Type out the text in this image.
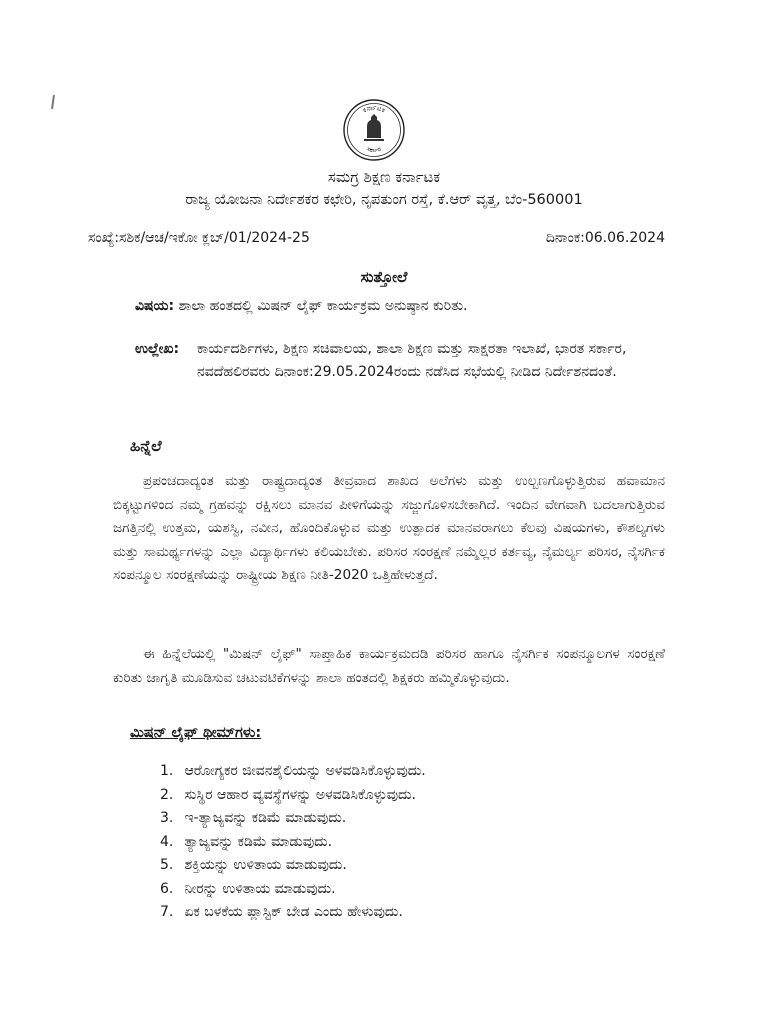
ಕರ್ನಾಟಕ
ಸರ್ಕಾರ
ಸಮಗ್ರ ಶಿಕ್ಷಣ ಕರ್ನಾಟಕ
ರಾಜ್ಯ ಯೋಜನಾ ನಿರ್ದೇಶಕರ ಕಛೇರಿ, ನೃಪತುಂಗ ರಸ್ತೆ, ಕೆ.ಆರ್ ವೃತ್ತ, ಬೆಂ-560001
ಸಂಖ್ಯೆ:ಸಶಿಕ/ಆಚ/ಇಕೋ ಕ್ಲಬ್/01/2024-25	ದಿನಾಂಕ:06.06.2024
ಸುತ್ತೋಲೆ
ವಿಷಯ: ಶಾಲಾ ಹಂತದಲ್ಲಿ ಮಿಷನ್ ಲೈಫ್ ಕಾರ್ಯಕ್ರಮ ಅನುಷ್ಠಾನ ಕುರಿತು.
ಉಲ್ಲೇಖ:	ಕಾರ್ಯದರ್ಶಿಗಳು, ಶಿಕ್ಷಣ ಸಚಿವಾಲಯ, ಶಾಲಾ ಶಿಕ್ಷಣ ಮತ್ತು ಸಾಕ್ಷರತಾ ಇಲಾಖೆ, ಭಾರತ ಸರ್ಕಾರ, ನವದೆಹಲಿರವರು ದಿನಾಂಕ:29.05.2024ರಂದು ನಡೆಸಿದ ಸಭೆಯಲ್ಲಿ ನೀಡಿದ ನಿರ್ದೇಶನದಂತೆ.
ಹಿನ್ನೆಲೆ
ಪ್ರಪಂಚದಾದ್ಯಂತ ಮತ್ತು ರಾಷ್ಟ್ರದಾದ್ಯಂತ ತೀವ್ರವಾದ ಶಾಖದ ಅಲೆಗಳು ಮತ್ತು ಉಲ್ಬಣಗೊಳ್ಳುತ್ತಿರುವ ಹವಾಮಾನ ಬಿಕ್ಕಟ್ಟುಗಳಿಂದ ನಮ್ಮ ಗ್ರಹವನ್ನು ರಕ್ಷಿಸಲು ಮಾನವ ಪೀಳಿಗೆಯನ್ನು ಸಜ್ಜುಗೊಳಿಸಬೇಕಾಗಿದೆ. ಇಂದಿನ ವೇಗವಾಗಿ ಬದಲಾಗುತ್ತಿರುವ ಜಗತ್ತಿನಲ್ಲಿ ಉತ್ತಮ, ಯಶಸ್ವಿ, ನವೀನ, ಹೊಂದಿಕೊಳ್ಳುವ ಮತ್ತು ಉತ್ಪಾದಕ ಮಾನವರಾಗಲು ಕೆಲವು ವಿಷಯಗಳು, ಕೌಶಲ್ಯಗಳು ಮತ್ತು ಸಾಮರ್ಥ್ಯಗಳನ್ನು ಎಲ್ಲಾ ವಿದ್ಯಾರ್ಥಿಗಳು ಕಲಿಯಬೇಕು. ಪರಿಸರ ಸಂರಕ್ಷಣೆ ನಮ್ಮೆಲ್ಲರ ಕರ್ತವ್ಯ, ನೈಮರ್ಲ್ಯ ಪರಿಸರ, ನೈಸರ್ಗಿಕ ಸಂಪನ್ಮೂಲ ಸಂರಕ್ಷಣೆಯನ್ನು ರಾಷ್ಟ್ರೀಯ ಶಿಕ್ಷಣ ನೀತಿ-2020 ಒತ್ತಿಹೇಳುತ್ತದೆ.
ಈ ಹಿನ್ನೆಲೆಯಲ್ಲಿ "ಮಿಷನ್ ಲೈಫ್" ಸಾಪ್ತಾಹಿಕ ಕಾರ್ಯಕ್ರಮದಡಿ ಪರಿಸರ ಹಾಗೂ ನೈಸರ್ಗಿಕ ಸಂಪನ್ಮೂಲಗಳ ಸಂರಕ್ಷಣೆ ಕುರಿತು ಜಾಗೃತಿ ಮೂಡಿಸುವ ಚಟುವಟಿಕೆಗಳನ್ನು ಶಾಲಾ ಹಂತದಲ್ಲಿ ಶಿಕ್ಷಕರು ಹಮ್ಮಿಕೊಳ್ಳುವುದು.
ಮಿಷನ್ ಲೈಫ್ ಥೀಮ್‌ಗಳು:
1. ಆರೋಗ್ಯಕರ ಜೀವನಶೈಲಿಯನ್ನು ಅಳವಡಿಸಿಕೊಳ್ಳುವುದು.
2. ಸುಸ್ಥಿರ ಆಹಾರ ವ್ಯವಸ್ಥೆಗಳನ್ನು ಅಳವಡಿಸಿಕೊಳ್ಳುವುದು.
3. ಇ-ತ್ಯಾಜ್ಯವನ್ನು ಕಡಿಮೆ ಮಾಡುವುದು.
4. ತ್ಯಾಜ್ಯವನ್ನು ಕಡಿಮೆ ಮಾಡುವುದು.
5. ಶಕ್ತಿಯನ್ನು ಉಳಿತಾಯ ಮಾಡುವುದು.
6. ನೀರನ್ನು ಉಳಿತಾಯ ಮಾಡುವುದು.
7. ಏಕ ಬಳಕೆಯ ಪ್ಲಾಸ್ಟಿಕ್ ಬೇಡ ಎಂದು ಹೇಳುವುದು.
